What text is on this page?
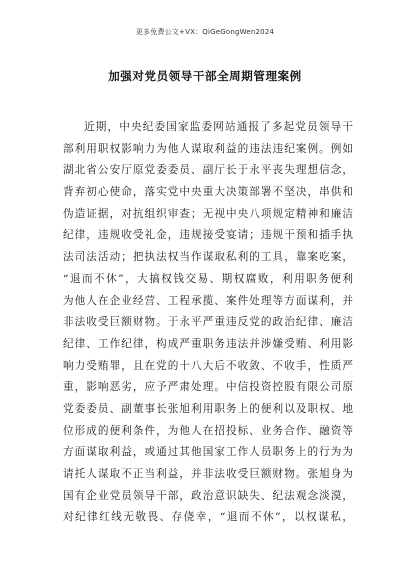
更多免费公文+VX：QiGeGongWen2024
加强对党员领导干部全周期管理案例
近期，中央纪委国家监委网站通报了多起党员领导干
部利用职权影响力为他人谋取利益的违法违纪案例。例如
湖北省公安厅原党委委员、副厅长于永平丧失理想信念，
背弃初心使命，落实党中央重大决策部署不坚决，串供和
伪造证据，对抗组织审查；无视中央八项规定精神和廉洁
纪律，违规收受礼金，违规接受宴请；违规干预和插手执
法司法活动；把执法权当作谋取私利的工具，靠案吃案，
“退而不休”，大搞权钱交易、期权腐败，利用职务便利
为他人在企业经营、工程承揽、案件处理等方面谋利，并
非法收受巨额财物。于永平严重违反党的政治纪律、廉洁
纪律、工作纪律，构成严重职务违法并涉嫌受贿、利用影
响力受贿罪，且在党的十八大后不收敛、不收手，性质严
重，影响恶劣，应予严肃处理。中信投资控股有限公司原
党委委员、副董事长张旭利用职务上的便利以及职权、地
位形成的便利条件，为他人在招投标、业务合作、融资等
方面谋取利益，或通过其他国家工作人员职务上的行为为
请托人谋取不正当利益，并非法收受巨额财物。张旭身为
国有企业党员领导干部，政治意识缺失、纪法观念淡漠，
对纪律红线无敬畏、存侥幸，“退而不休”，以权谋私，
